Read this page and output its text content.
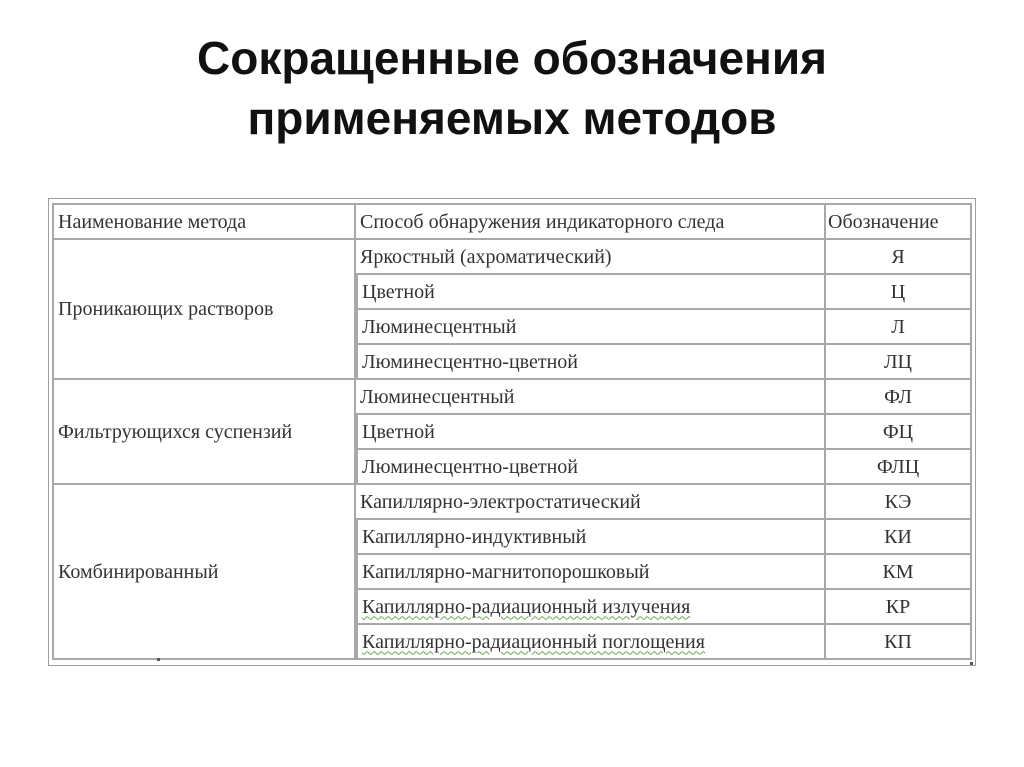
Сокращенные обозначения
применяемых методов
Наименование метода	Способ обнаружения индикаторного следа	Обозначение
Проникающих растворов	Яркостный (ахроматический)	Я
	Цветной	Ц
	Люминесцентный	Л
	Люминесцентно-цветной	ЛЦ
Фильтрующихся суспензий	Люминесцентный	ФЛ
	Цветной	ФЦ
	Люминесцентно-цветной	ФЛЦ
Комбинированный	Капиллярно-электростатический	КЭ
	Капиллярно-индуктивный	КИ
	Капиллярно-магнитопорошковый	КМ
	Капиллярно-радиационный излучения	КР
	Капиллярно-радиационный поглощения	КП
